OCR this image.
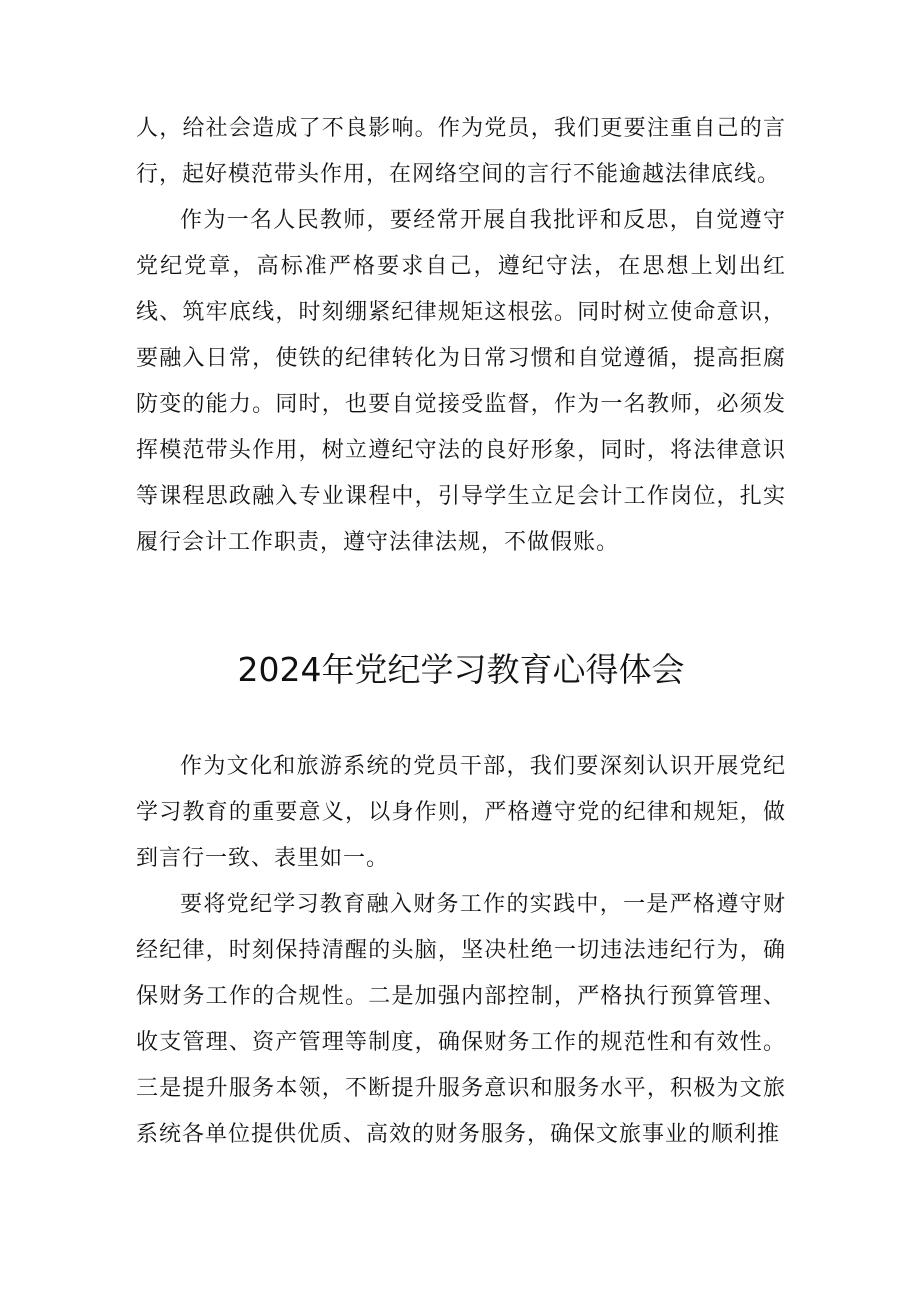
人，给社会造成了不良影响。作为党员，我们更要注重自己的言行，起好模范带头作用，在网络空间的言行不能逾越法律底线。

作为一名人民教师，要经常开展自我批评和反思，自觉遵守党纪党章，高标准严格要求自己，遵纪守法，在思想上划出红线、筑牢底线，时刻绷紧纪律规矩这根弦。同时树立使命意识，要融入日常，使铁的纪律转化为日常习惯和自觉遵循，提高拒腐防变的能力。同时，也要自觉接受监督，作为一名教师，必须发挥模范带头作用，树立遵纪守法的良好形象，同时，将法律意识等课程思政融入专业课程中，引导学生立足会计工作岗位，扎实履行会计工作职责，遵守法律法规，不做假账。

2024年党纪学习教育心得体会

作为文化和旅游系统的党员干部，我们要深刻认识开展党纪学习教育的重要意义，以身作则，严格遵守党的纪律和规矩，做到言行一致、表里如一。

要将党纪学习教育融入财务工作的实践中，一是严格遵守财经纪律，时刻保持清醒的头脑，坚决杜绝一切违法违纪行为，确保财务工作的合规性。二是加强内部控制，严格执行预算管理、收支管理、资产管理等制度，确保财务工作的规范性和有效性。三是提升服务本领，不断提升服务意识和服务水平，积极为文旅系统各单位提供优质、高效的财务服务，确保文旅事业的顺利推
